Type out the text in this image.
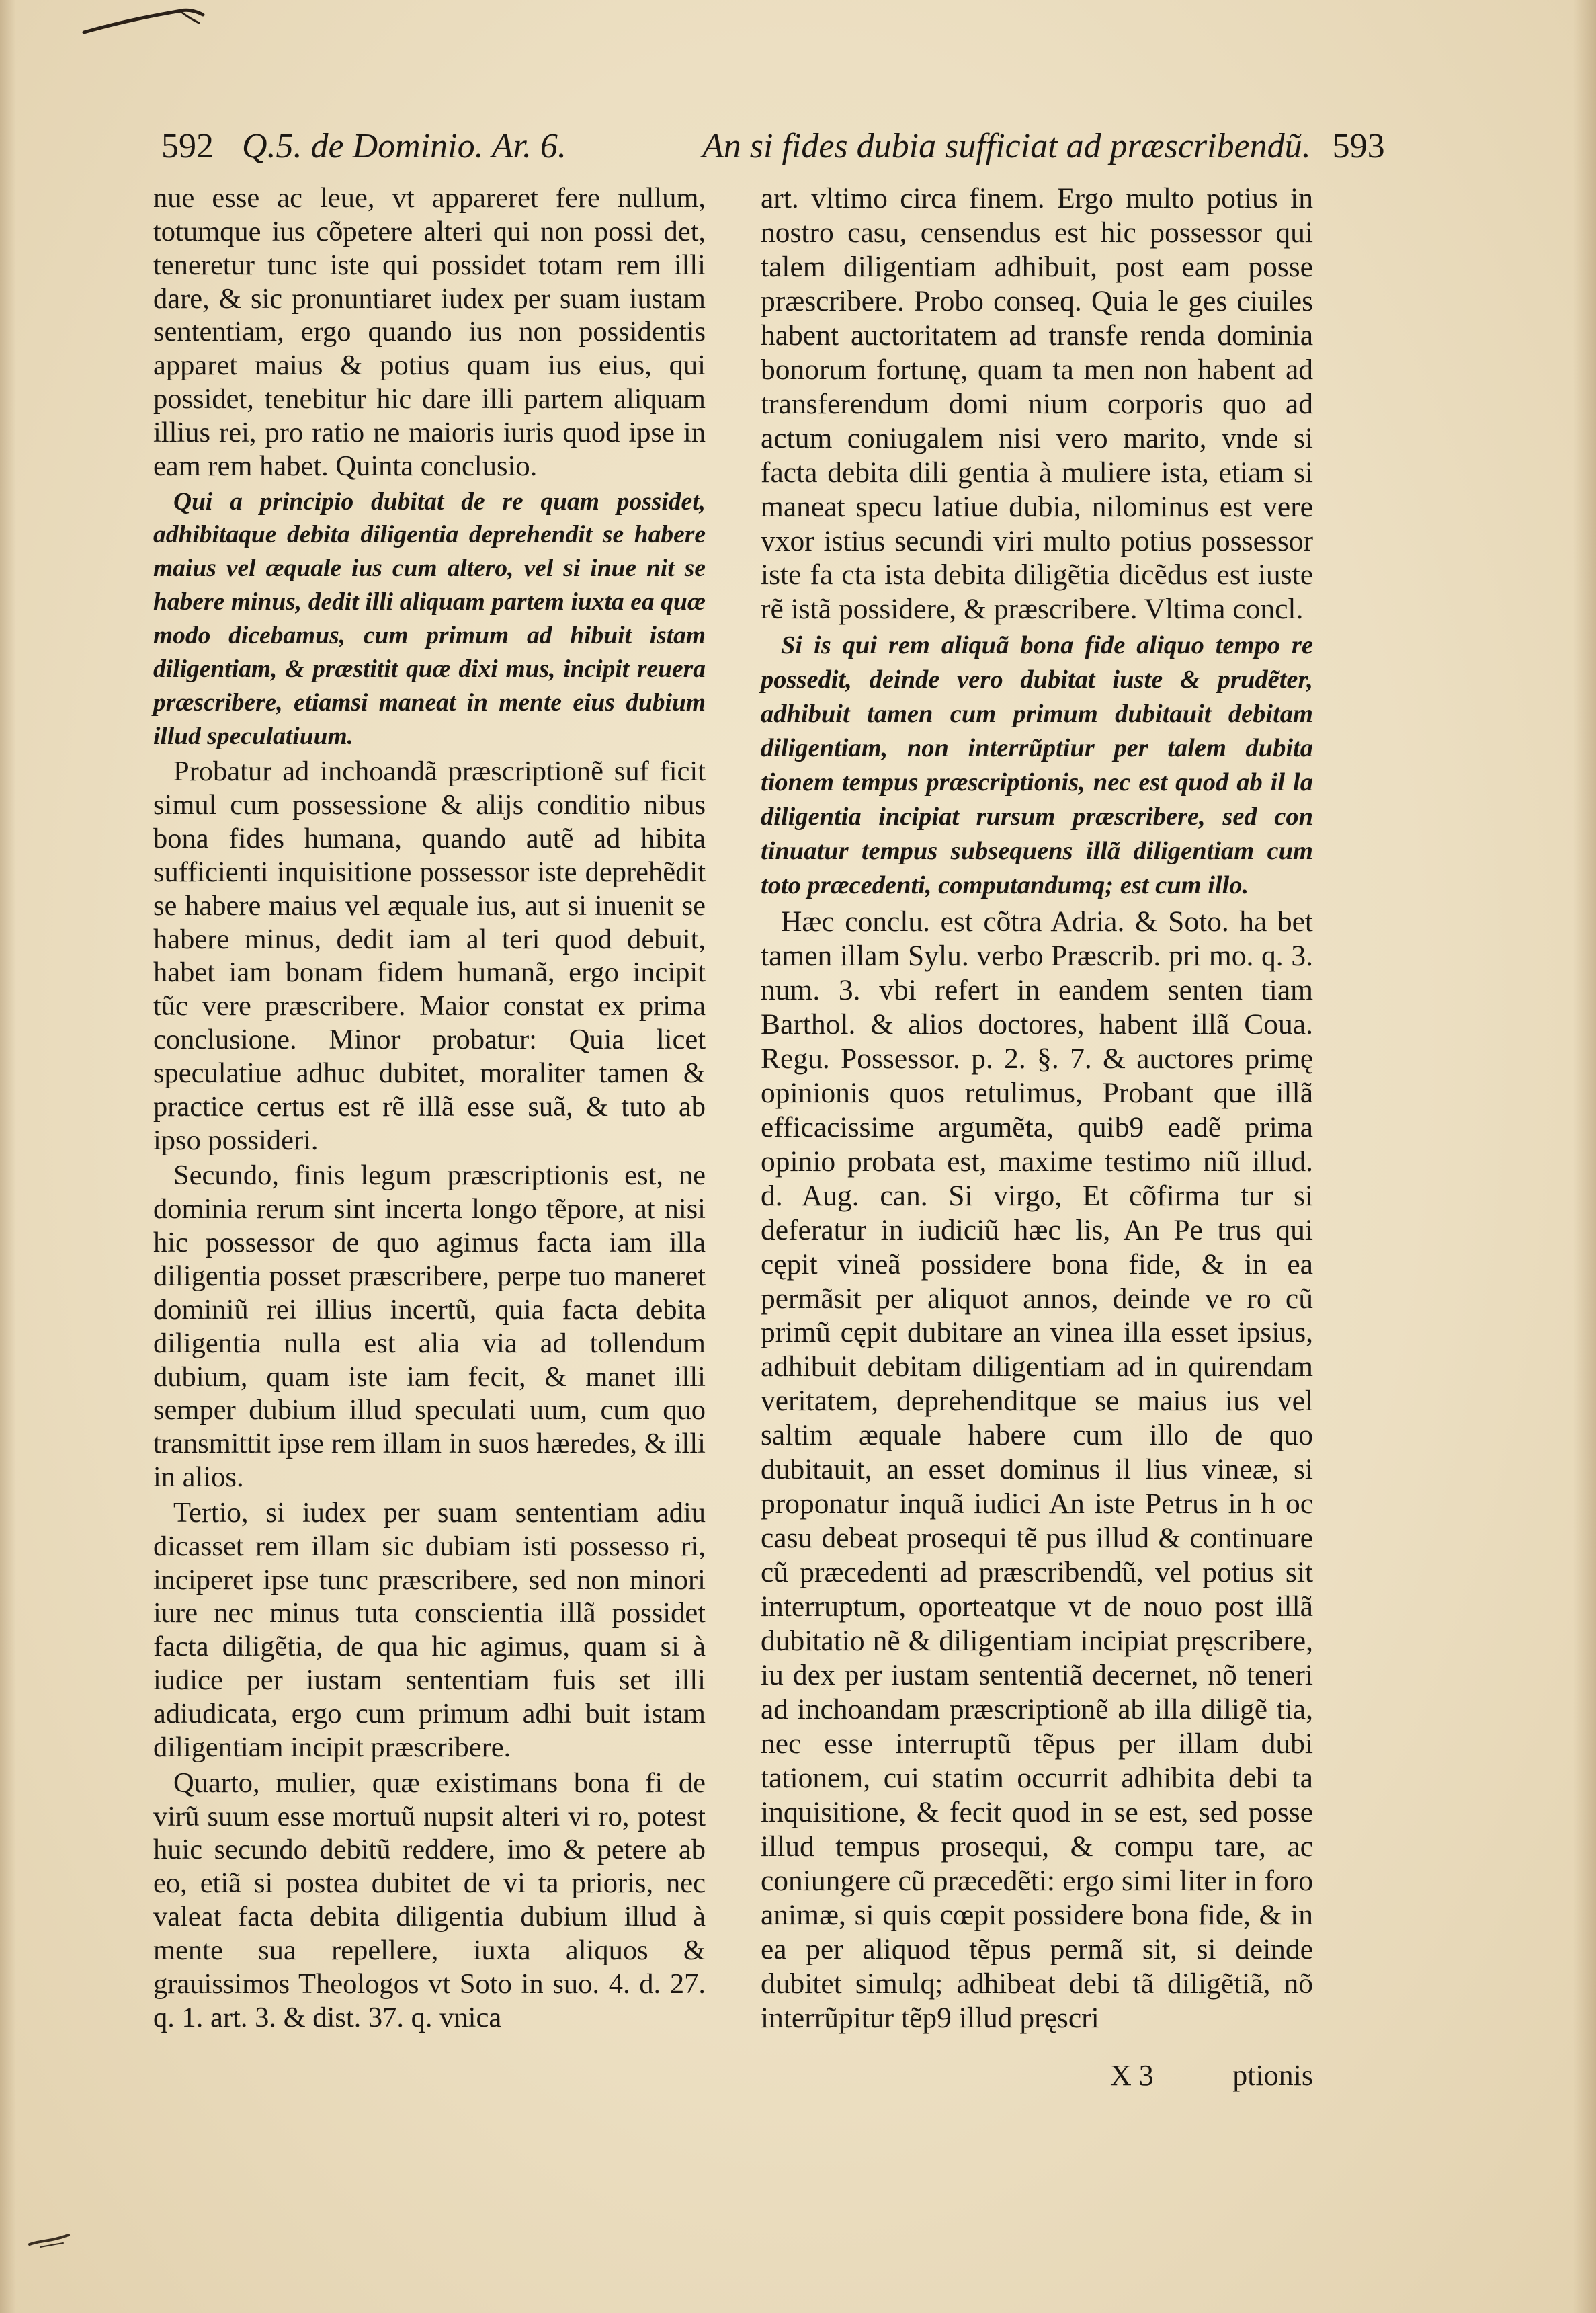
592 Q.5. de Dominio. Ar. 6.	An si fides dubia sufficiat ad præscribendũ. 593

nue esse ac leue, vt appareret fere nullum, totumque ius cõpetere alteri qui non possi det, teneretur tunc iste qui possidet totam rem illi dare, & sic pronuntiaret iudex per suam iustam sententiam, ergo quando ius non possidentis apparet maius & potius quam ius eius, qui possidet, tenebitur hic dare illi partem aliquam illius rei, pro ratio ne maioris iuris quod ipse in eam rem habet. Quinta conclusio.

Qui a principio dubitat de re quam possidet, adhibitaque debita diligentia deprehendit se habere maius vel æquale ius cum altero, vel si inue nit se habere minus, dedit illi aliquam partem iuxta ea quæ modo dicebamus, cum primum ad hibuit istam diligentiam, & præstitit quæ dixi mus, incipit reuera præscribere, etiamsi maneat in mente eius dubium illud speculatiuum.

Probatur ad inchoandã præscriptionẽ suf ficit simul cum possessione & alijs conditio nibus bona fides humana, quando autẽ ad hibita sufficienti inquisitione possessor iste deprehẽdit se habere maius vel æquale ius, aut si inuenit se habere minus, dedit iam al teri quod debuit, habet iam bonam fidem humanã, ergo incipit tũc vere præscribere. Maior constat ex prima conclusione. Minor probatur: Quia licet speculatiue adhuc dubitet, moraliter tamen & practice certus est rẽ illã esse suã, & tuto ab ipso possideri.

Secundo, finis legum præscriptionis est, ne dominia rerum sint incerta longo tẽpore, at nisi hic possessor de quo agimus facta iam illa diligentia posset præscribere, perpe tuo maneret dominiũ rei illius incertũ, quia facta debita diligentia nulla est alia via ad tollendum dubium, quam iste iam fecit, & manet illi semper dubium illud speculati uum, cum quo transmittit ipse rem illam in suos hæredes, & illi in alios.

Tertio, si iudex per suam sententiam adiu dicasset rem illam sic dubiam isti possesso ri, inciperet ipse tunc præscribere, sed non minori iure nec minus tuta conscientia illã possidet facta diligẽtia, de qua hic agimus, quam si à iudice per iustam sententiam fuis set illi adiudicata, ergo cum primum adhi buit istam diligentiam incipit præscribere.

Quarto, mulier, quæ existimans bona fi de virũ suum esse mortuũ nupsit alteri vi ro, potest huic secundo debitũ reddere, imo & petere ab eo, etiã si postea dubitet de vi ta prioris, nec valeat facta debita diligentia dubium illud à mente sua repellere, iuxta aliquos & grauissimos Theologos vt Soto in suo. 4. d. 27. q. 1. art. 3. & dist. 37. q. vnica

art. vltimo circa finem. Ergo multo potius in nostro casu, censendus est hic possessor qui talem diligentiam adhibuit, post eam posse præscribere. Probo conseq. Quia le ges ciuiles habent auctoritatem ad transfe renda dominia bonorum fortunę, quam ta men non habent ad transferendum domi nium corporis quo ad actum coniugalem nisi vero marito, vnde si facta debita dili gentia à muliere ista, etiam si maneat specu latiue dubia, nilominus est vere vxor istius secundi viri multo potius possessor iste fa cta ista debita diligẽtia dicẽdus est iuste rẽ istã possidere, & præscribere. Vltima concl.

Si is qui rem aliquã bona fide aliquo tempo re possedit, deinde vero dubitat iuste & prudẽter, adhibuit tamen cum primum dubitauit debitam diligentiam, non interrũptiur per talem dubita tionem tempus præscriptionis, nec est quod ab il la diligentia incipiat rursum præscribere, sed con tinuatur tempus subsequens illã diligentiam cum toto præcedenti, computandumq; est cum illo.

Hæc conclu. est cõtra Adria. & Soto. ha bet tamen illam Sylu. verbo Præscrib. pri mo. q. 3. num. 3. vbi refert in eandem senten tiam Barthol. & alios doctores, habent illã Coua. Regu. Possessor. p. 2. §. 7. & auctores primę opinionis quos retulimus, Probant que illã efficacissime argumẽta, quib9 eadẽ prima opinio probata est, maxime testimo niũ illud. d. Aug. can. Si virgo, Et cõfirma tur si deferatur in iudiciũ hæc lis, An Pe trus qui cępit vineã possidere bona fide, & in ea permãsit per aliquot annos, deinde ve ro cũ primũ cępit dubitare an vinea illa esset ipsius, adhibuit debitam diligentiam ad in quirendam veritatem, deprehenditque se maius ius vel saltim æquale habere cum illo de quo dubitauit, an esset dominus il lius vineæ, si proponatur inquã iudici An iste Petrus in h oc casu debeat prosequi tẽ pus illud & continuare cũ præcedenti ad præscribendũ, vel potius sit interruptum, oporteatque vt de nouo post illã dubitatio nẽ & diligentiam incipiat pręscribere, iu dex per iustam sententiã decernet, nõ teneri ad inchoandam præscriptionẽ ab illa diligẽ tia, nec esse interruptũ tẽpus per illam dubi tationem, cui statim occurrit adhibita debi ta inquisitione, & fecit quod in se est, sed posse illud tempus prosequi, & compu tare, ac coniungere cũ præcedẽti: ergo simi liter in foro animæ, si quis cœpit possidere bona fide, & in ea per aliquod tẽpus permã sit, si deinde dubitet simulq; adhibeat debi tã diligẽtiã, nõ interrũpitur tẽp9 illud pręscri

X 3	ptionis
